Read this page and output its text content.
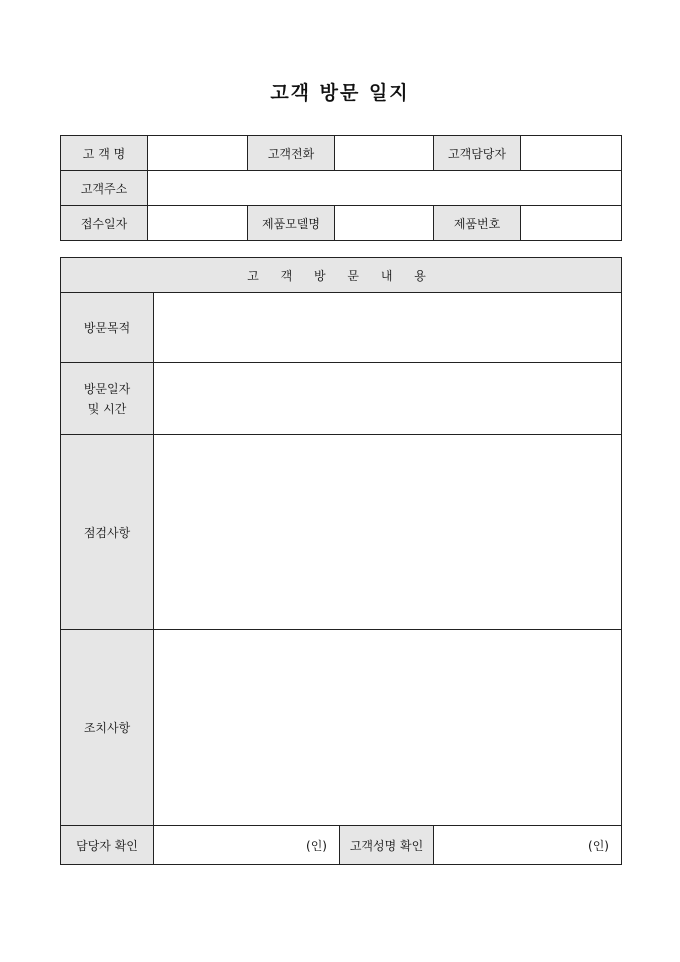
고객 방문 일지
고 객 명		고객전화		고객담당자	
고객주소					
접수일자		제품모델명		제품번호	
고 객 방 문 내 용			
방문목적			

방문일자
및 시간			

점검사항			
조치사항			
담당자 확인	(인)	고객성명 확인	(인)
